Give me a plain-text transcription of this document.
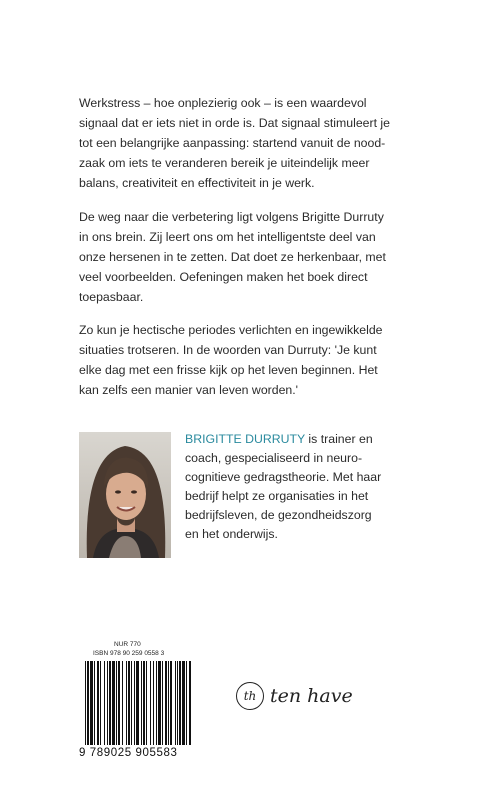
Werkstress – hoe onplezierig ook – is een waardevol
signaal dat er iets niet in orde is. Dat signaal stimuleert je
tot een belangrijke aanpassing: startend vanuit de nood-
zaak om iets te veranderen bereik je uiteindelijk meer
balans, creativiteit en effectiviteit in je werk.
De weg naar die verbetering ligt volgens Brigitte Durruty
in ons brein. Zij leert ons om het intelligentste deel van
onze hersenen in te zetten. Dat doet ze herkenbaar, met
veel voorbeelden. Oefeningen maken het boek direct
toepasbaar.
Zo kun je hectische periodes verlichten en ingewikkelde
situaties trotseren. In de woorden van Durruty: 'Je kunt
elke dag met een frisse kijk op het leven beginnen. Het
kan zelfs een manier van leven worden.'
BRIGITTE DURRUTY is trainer en
coach, gespecialiseerd in neuro-
cognitieve gedragstheorie. Met haar
bedrijf helpt ze organisaties in het
bedrijfsleven, de gezondheidszorg
en het onderwijs.
NUR 770
ISBN 978 90 259 0558 3
9 789025 905583
th ten have
